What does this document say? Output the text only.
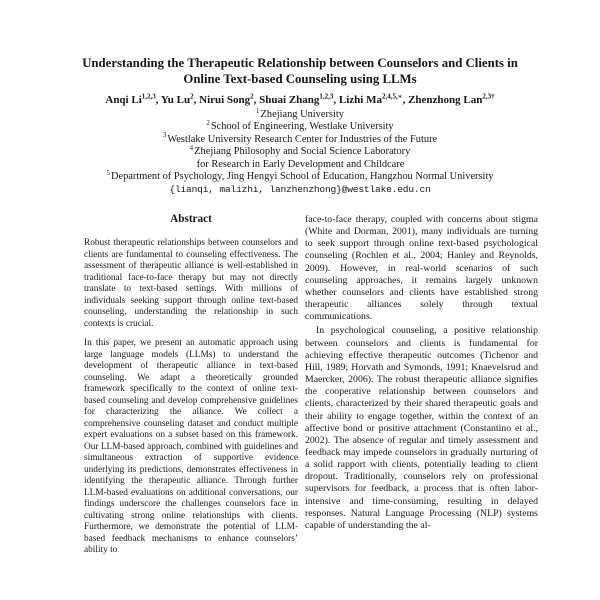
Understanding the Therapeutic Relationship between Counselors and Clients in Online Text-based Counseling using LLMs
Anqi Li$^{1,2,3}$, Yu Lu$^2$, Nirui Song$^2$, Shuai Zhang$^{1,2,3}$, Lizhi $Ma^{2,4,5,∗}$, Zhenzhong Lan$^{2,3\dagger}$
$^1$Zhejiang University
$^2$School of Engineering, Westlake University
$^3$Westlake University Research Center for Industries of the Future
$^4$Zhejiang Philosophy and Social Science Laboratory
for Research in Early Development and Childcare
$^5$Department of Psychology, Jing Hengyi School of Education, Hangzhou Normal University
{lianqi, malizhi, lanzhenzhong}@westlake.edu.cn
Abstract

Robust therapeutic relationships between counselors and clients are fundamental to counseling effectiveness. The assessment of therapeutic alliance is well-established in traditional face-to-face therapy but may not directly translate to text-based settings. With millions of individuals seeking support through online text-based counseling, understanding the relationship in such contexts is crucial.

In this paper, we present an automatic approach using large language models (LLMs) to understand the development of therapeutic alliance in text-based counseling. We adapt a theoretically grounded framework specifically to the context of online text-based counseling and develop comprehensive guidelines for characterizing the alliance. We collect a comprehensive counseling dataset and conduct multiple expert evaluations on a subset based on this framework. Our LLM-based approach, combined with guidelines and simultaneous extraction of supportive evidence underlying its predictions, demonstrates effectiveness in identifying the therapeutic alliance. Through further LLM-based evaluations on additional conversations, our findings underscore the challenges counselors face in cultivating strong online relationships with clients. Furthermore, we demonstrate the potential of LLM-based feedback mechanisms to enhance counselors’ ability to

face-to-face therapy, coupled with concerns about stigma (White and Dorman, 2001), many individuals are turning to seek support through online text-based psychological counseling (Rochlen et al., 2004; Hanley and Reynolds, 2009). However, in real-world scenarios of such counseling approaches, it remains largely unknown whether counselors and clients have established strong therapeutic alliances solely through textual communications.

In psychological counseling, a positive relationship between counselors and clients is fundamental for achieving effective therapeutic outcomes (Tichenor and Hill, 1989; Horvath and Symonds, 1991; Knaevelsrud and Maercker, 2006). The robust therapeutic alliance signifies the cooperative relationship between counselors and clients, characterized by their shared therapeutic goals and their ability to engage together, within the context of an affective bond or positive attachment (Constantino et al., 2002). The absence of regular and timely assessment and feedback may impede counselors in gradually nurturing of a solid rapport with clients, potentially leading to client dropout. Traditionally, counselors rely on professional supervisors for feedback, a process that is often labor-intensive and time-consuming, resulting in delayed responses. Natural Language Processing (NLP) systems capable of understanding the al-
